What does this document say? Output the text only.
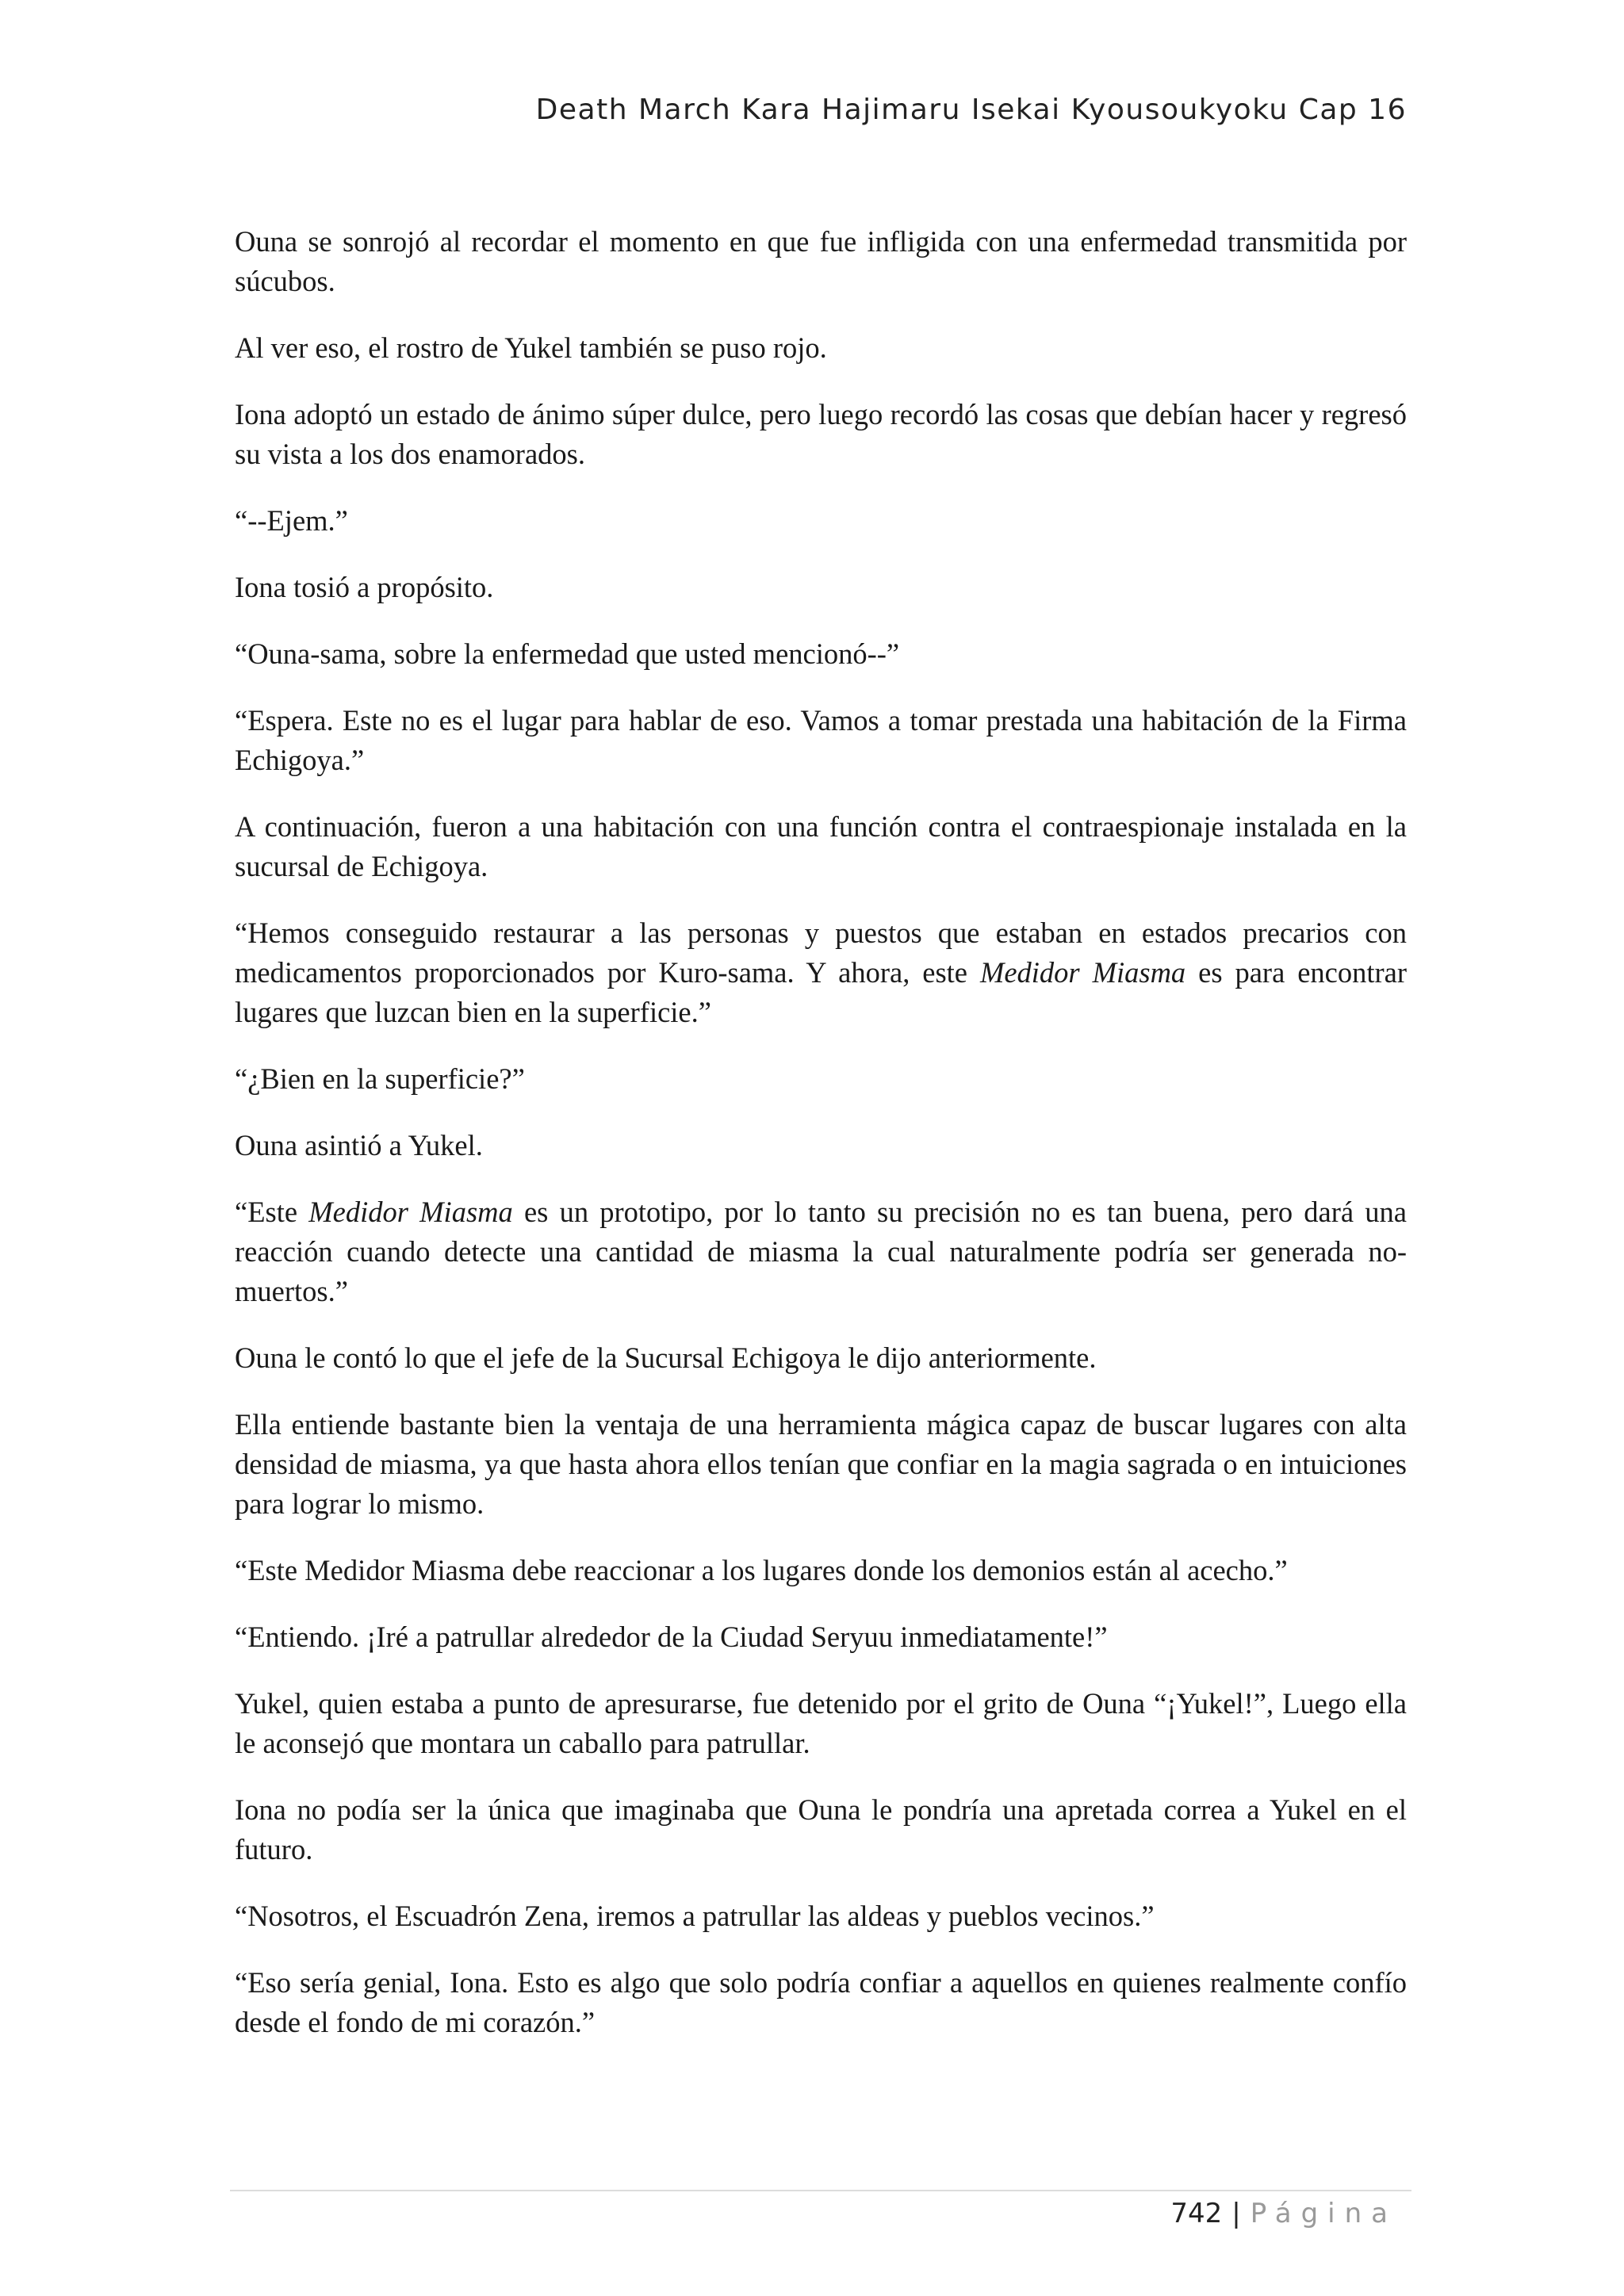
Death March Kara Hajimaru Isekai Kyousoukyoku Cap 16

Ouna se sonrojó al recordar el momento en que fue infligida con una enfermedad transmitida por súcubos.

Al ver eso, el rostro de Yukel también se puso rojo.

Iona adoptó un estado de ánimo súper dulce, pero luego recordó las cosas que debían hacer y regresó su vista a los dos enamorados.

“--Ejem.”

Iona tosió a propósito.

“Ouna-sama, sobre la enfermedad que usted mencionó--”

“Espera. Este no es el lugar para hablar de eso. Vamos a tomar prestada una habitación de la Firma Echigoya.”

A continuación, fueron a una habitación con una función contra el contraespionaje instalada en la sucursal de Echigoya.

“Hemos conseguido restaurar a las personas y puestos que estaban en estados precarios con medicamentos proporcionados por Kuro-sama. Y ahora, este Medidor Miasma es para encontrar lugares que luzcan bien en la superficie.”

“¿Bien en la superficie?”

Ouna asintió a Yukel.

“Este Medidor Miasma es un prototipo, por lo tanto su precisión no es tan buena, pero dará una reacción cuando detecte una cantidad de miasma la cual naturalmente podría ser generada no-muertos.”

Ouna le contó lo que el jefe de la Sucursal Echigoya le dijo anteriormente.

Ella entiende bastante bien la ventaja de una herramienta mágica capaz de buscar lugares con alta densidad de miasma, ya que hasta ahora ellos tenían que confiar en la magia sagrada o en intuiciones para lograr lo mismo.

“Este Medidor Miasma debe reaccionar a los lugares donde los demonios están al acecho.”

“Entiendo. ¡Iré a patrullar alrededor de la Ciudad Seryuu inmediatamente!”

Yukel, quien estaba a punto de apresurarse, fue detenido por el grito de Ouna “¡Yukel!”, Luego ella le aconsejó que montara un caballo para patrullar.

Iona no podía ser la única que imaginaba que Ouna le pondría una apretada correa a Yukel en el futuro.

“Nosotros, el Escuadrón Zena, iremos a patrullar las aldeas y pueblos vecinos.”

“Eso sería genial, Iona. Esto es algo que solo podría confiar a aquellos en quienes realmente confío desde el fondo de mi corazón.”

742 | Página
